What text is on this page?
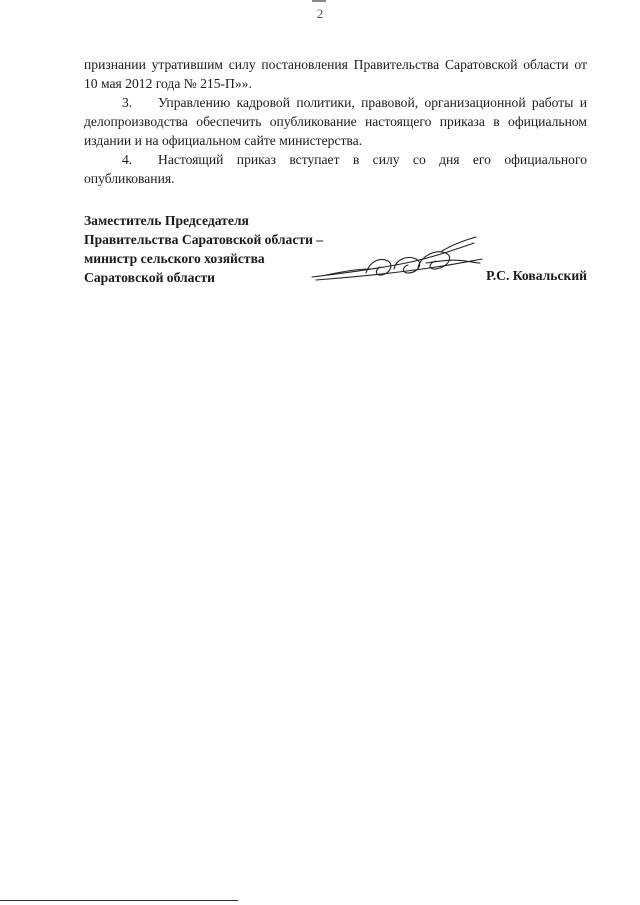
2

признании утратившим силу постановления Правительства Саратовской области от 10 мая 2012 года № 215-П»».

3. Управлению кадровой политики, правовой, организационной работы и делопроизводства обеспечить опубликование настоящего приказа в официальном издании и на официальном сайте министерства.

4. Настоящий приказ вступает в силу со дня его официального опубликования.

Заместитель Председателя
Правительства Саратовской области –
министр сельского хозяйства
Саратовской области	Р.С. Ковальский
